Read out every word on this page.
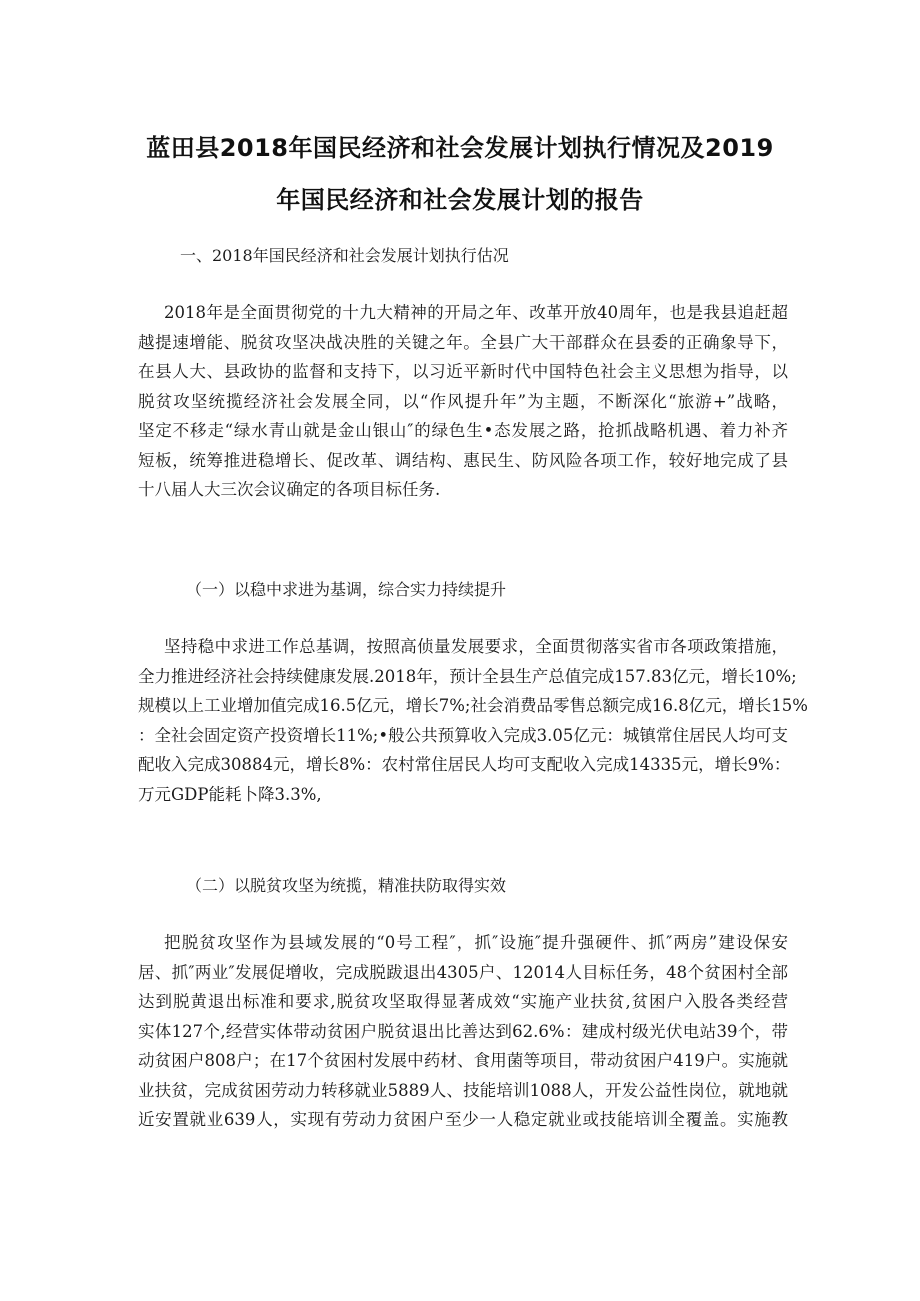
蓝田县2018年国民经济和社会发展计划执行情况及2019
年国民经济和社会发展计划的报告
一、2018年国民经济和社会发展计划执行估况
2018年是全面贯彻党的十九大精神的开局之年、改革开放40周年，也是我县追赶超
越提速增能、脱贫攻坚决战决胜的关键之年。全县广大干部群众在县委的正确象导下，
在县人大、县政协的监督和支持下，以习近平新时代中国特色社会主义思想为指导，以
脱贫攻坚统揽经济社会发展全同，以“作风提升年”为主题，不断深化“旅游+”战略，
坚定不移走“绿水青山就是金山银山″的绿色生•态发展之路，抢抓战略机遇、着力补齐
短板，统筹推进稳增长、促改革、调结构、惠民生、防风险各项工作，较好地完成了县
十八届人大三次会议确定的各项目标任务.
（一）以稳中求进为基调，综合实力持续提升
坚持稳中求进工作总基调，按照高侦量发展要求，全面贯彻落实省市各项政策措施，
全力推进经济社会持续健康发展.2018年，预计全县生产总值完成157.83亿元，增长10%;
规模以上工业增加值完成16.5亿元，增长7%;社会消费品零售总额完成16.8亿元，增长15%
：全社会固定资产投资增长11%;•般公共预算收入完成3.05亿元：城镇常住居民人均可支
配收入完成30884元，增长8%：农村常住居民人均可支配收入完成14335元，增长9%：
万元GDP能耗卜降3.3%,
（二）以脱贫攻坚为统揽，精准扶防取得实效
把脱贫攻坚作为县域发展的“0号工程″，抓″设施″提升强硬件、抓″两房”建设保安
居、抓″两业″发展促增收，完成脱跋退出4305户、12014人目标任务，48个贫困村全部
达到脱黄退出标准和要求,脱贫攻坚取得显著成效“实施产业扶贫,贫困户入股各类经营
实体127个,经营实体带动贫困户脱贫退出比善达到62.6%：建成村级光伏电站39个，带
动贫困户808户；在17个贫困村发展中药材、食用菌等项目，带动贫困户419户。实施就
业扶贫，完成贫困劳动力转移就业5889人、技能培训1088人，开发公益性岗位，就地就
近安置就业639人，实现有劳动力贫困户至少一人稳定就业或技能培训全覆盖。实施教
